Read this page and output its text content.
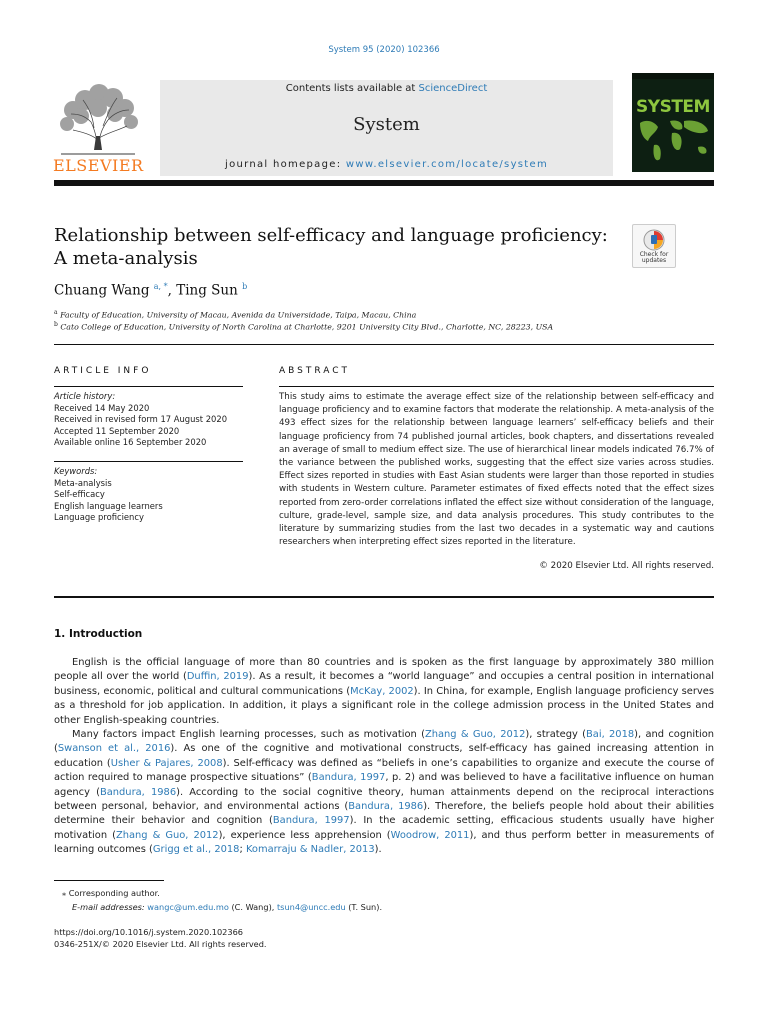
System 95 (2020) 102366
ELSEVIER
Contents lists available at ScienceDirect
System
journal homepage: www.elsevier.com/locate/system
SYSTEM
Relationship between self-efficacy and language proficiency:
A meta-analysis	Check for
updates
Chuang Wang $^{a, *}$, Ting Sun $^b$
$^a$ Faculty of Education, University of Macau, Avenida da Universidade, Taipa, Macau, China
$^b$ Cato College of Education, University of North Carolina at Charlotte, 9201 University City Blvd., Charlotte, NC, 28223, USA
ARTICLE INFO
Article history:
Received 14 May 2020
Received in revised form 17 August 2020
Accepted 11 September 2020
Available online 16 September 2020
Keywords:
Meta-analysis
Self-efficacy
English language learners
Language proficiency
ABSTRACT
This study aims to estimate the average effect size of the relationship between self-efficacy and language proficiency and to examine factors that moderate the relationship. A meta-analysis of the 493 effect sizes for the relationship between language learners’ self-efficacy beliefs and their language proficiency from 74 published journal articles, book chapters, and dissertations revealed an average of small to medium effect size. The use of hierarchical linear models indicated 76.7% of the variance between the published works, suggesting that the effect size varies across studies. Effect sizes reported in studies with East Asian students were larger than those reported in studies with students in Western culture. Parameter estimates of fixed effects noted that the effect sizes reported from zero-order correlations inflated the effect size without consideration of the language, culture, grade-level, sample size, and data analysis procedures. This study contributes to the literature by summarizing studies from the last two decades in a systematic way and cautions researchers when interpreting effect sizes reported in the literature.
© 2020 Elsevier Ltd. All rights reserved.
1. Introduction

English is the official language of more than 80 countries and is spoken as the first language by approximately 380 million people all over the world (Duffin, 2019). As a result, it becomes a “world language” and occupies a central position in international business, economic, political and cultural communications (McKay, 2002). In China, for example, English language proficiency serves as a threshold for job application. In addition, it plays a significant role in the college admission process in the United States and other English-speaking countries.

Many factors impact English learning processes, such as motivation (Zhang & Guo, 2012), strategy (Bai, 2018), and cognition (Swanson et al., 2016). As one of the cognitive and motivational constructs, self-efficacy has gained increasing attention in education (Usher & Pajares, 2008). Self-efficacy was defined as “beliefs in one’s capabilities to organize and execute the course of action required to manage prospective situations” (Bandura, 1997, p. 2) and was believed to have a facilitative influence on human agency (Bandura, 1986). According to the social cognitive theory, human attainments depend on the reciprocal interactions between personal, behavior, and environmental actions (Bandura, 1986). Therefore, the beliefs people hold about their abilities determine their behavior and cognition (Bandura, 1997). In the academic setting, efficacious students usually have higher motivation (Zhang & Guo, 2012), experience less apprehension (Woodrow, 2011), and thus perform better in measurements of learning outcomes (Grigg et al., 2018; Komarraju & Nadler, 2013).

⁎ Corresponding author.
E-mail addresses: wangc@um.edu.mo (C. Wang), tsun4@uncc.edu (T. Sun).
https://doi.org/10.1016/j.system.2020.102366
0346-251X/© 2020 Elsevier Ltd. All rights reserved.
